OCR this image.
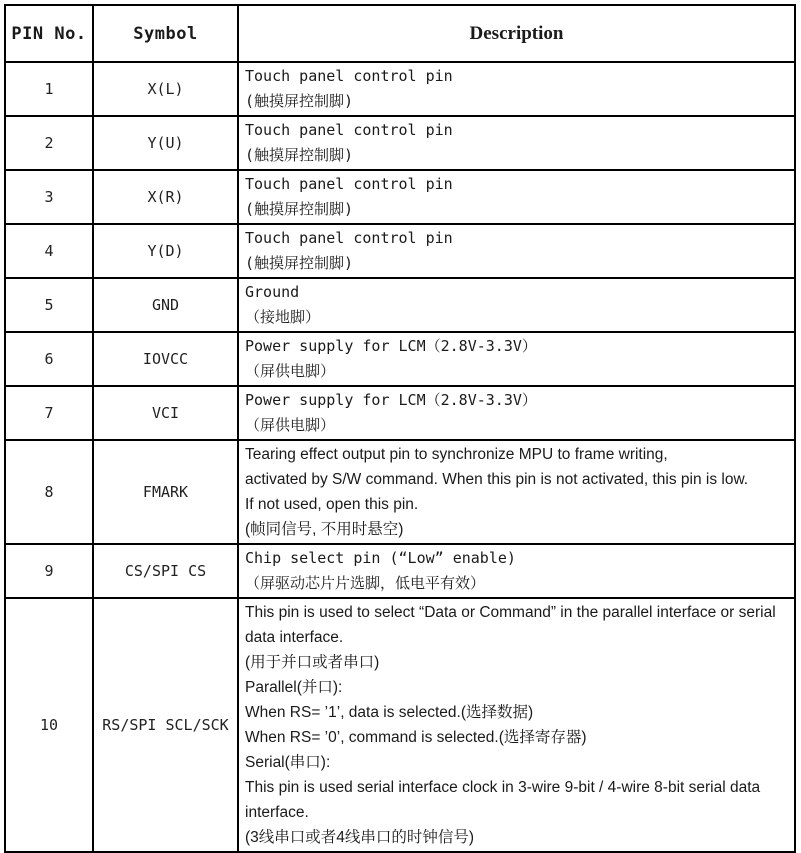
PIN No.	Symbol	Description
1	X(L)	Touch panel control pin
(触摸屏控制脚)

2	Y(U)	Touch panel control pin
(触摸屏控制脚)

3	X(R)	Touch panel control pin
(触摸屏控制脚)

4	Y(D)	Touch panel control pin
(触摸屏控制脚)

5	GND	Ground
（接地脚）

6	IOVCC	Power supply for LCM（2.8V-3.3V）
（屏供电脚）

7	VCI	Power supply for LCM（2.8V-3.3V）
（屏供电脚）

8	FMARK	Tearing effect output pin to synchronize MPU to frame writing,
activated by S/W command. When this pin is not activated, this pin is low.
If not used, open this pin.
(帧同信号, 不用时悬空)

9	CS/SPI CS	Chip select pin (“Low” enable)
（屏驱动芯片片选脚，低电平有效）

10	RS/SPI SCL/SCK	
This pin is used to select “Data or Command” in the parallel interface or serial
data interface.
(用于并口或者串口)
Parallel(并口):
When RS= ’1’, data is selected.(选择数据)
When RS= ’0’, command is selected.(选择寄存器)
Serial(串口):
This pin is used serial interface clock in 3-wire 9-bit / 4-wire 8-bit serial data
interface.
(3线串口或者4线串口的时钟信号)
